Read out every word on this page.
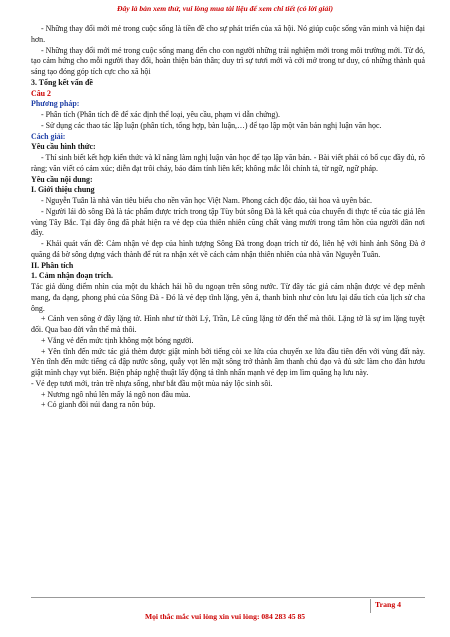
Đây là bản xem thử, vui lòng mua tài liệu để xem chi tiết (có lời giải)

- Những thay đổi mới mẻ trong cuộc sống là tiền đề cho sự phát triển của xã hội. Nó giúp cuộc sống văn minh và hiện đại hơn.

- Những thay đổi mới mẻ trong cuộc sống mang đến cho con người những trải nghiệm mới trong môi trường mới. Từ đó, tạo cảm hứng cho mỗi người thay đổi, hoàn thiện bản thân; duy trì sự tươi mới và cởi mở trong tư duy, có những thành quả sáng tạo đóng góp tích cực cho xã hội

3. Tổng kết vấn đề

Câu 2

Phương pháp:

- Phân tích (Phân tích đề để xác định thể loại, yêu cầu, phạm vi dẫn chứng).

- Sử dụng các thao tác lập luận (phân tích, tổng hợp, bàn luận,…) để tạo lập một văn bản nghị luận văn học.

Cách giải:

Yêu cầu hình thức:

- Thí sinh biết kết hợp kiến thức và kĩ năng làm nghị luận văn học để tạo lập văn bản. - Bài viết phải có bố cục đầy đủ, rõ ràng; văn viết có cảm xúc; diễn đạt trôi chảy, bảo đảm tính liên kết; không mắc lỗi chính tả, từ ngữ, ngữ pháp.

Yêu cầu nội dung:

I. Giới thiệu chung

- Nguyễn Tuân là nhà văn tiêu biểu cho nền văn học Việt Nam. Phong cách độc đáo, tài hoa và uyên bác.

- Người lái đò sông Đà là tác phẩm được trích trong tập Tùy bút sông Đà là kết quả của chuyến đi thực tế của tác giả lên vùng Tây Bắc. Tại đây ông đã phát hiện ra vẻ đẹp của thiên nhiên cũng chất vàng mười trong tâm hồn của người dân nơi đây.

- Khái quát vấn đề: Cảm nhận vẻ đẹp của hình tượng Sông Đà trong đoạn trích từ đó, liên hệ với hình ảnh Sông Đà ở quãng đá bờ sông dựng vách thành để rút ra nhận xét về cách cảm nhận thiên nhiên của nhà văn Nguyễn Tuân.

II. Phân tích

1. Cảm nhận đoạn trích.

Tác giả dùng điểm nhìn của một du khách hải hồ du ngoạn trên sông nước. Từ đây tác giả cảm nhận được vẻ đẹp mênh mang, đa dạng, phong phú của Sông Đà - Đó là vẻ đẹp tĩnh lặng, yên ả, thanh bình như còn lưu lại dấu tích của lịch sử cha ông.

+ Cảnh ven sông ở đây lặng tờ. Hình như từ thời Lý, Trần, Lê cũng lặng tờ đến thế mà thôi. Lặng tờ là sự im lặng tuyệt đối. Qua bao đời vẫn thế mà thôi.

+ Vắng vẻ đến mức tịnh không một bóng người.

+ Yên tĩnh đến mức tác giả thèm được giật mình bởi tiếng còi xe lửa của chuyến xe lửa đầu tiên đến với vùng đất này. Yên tĩnh đến mức tiếng cá đập nước sông, quẫy vọt lên mặt sông trở thành âm thanh chủ đạo và đủ sức làm cho đàn hươu giật mình chạy vụt biến. Biện pháp nghệ thuật lấy động tả tĩnh nhấn mạnh vẻ đẹp im lìm quãng hạ lưu này.

- Vẻ đẹp tươi mới, tràn trề nhựa sống, như bắt đầu một mùa nảy lộc sinh sôi.

+ Nương ngô nhú lên mấy lá ngô non đầu mùa.

+ Cỏ gianh đồi núi đang ra nõn búp.

Trang 4
Mọi thắc mắc vui lòng xin vui lòng: 084 283 45 85
